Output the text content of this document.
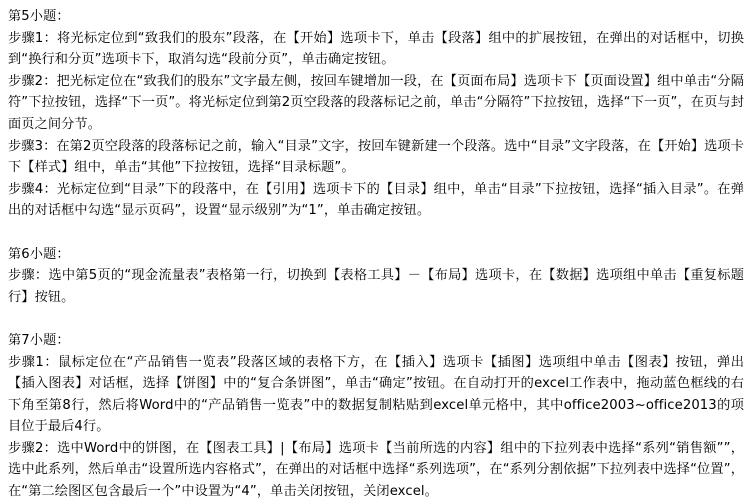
第5小题：

步骤1：将光标定位到“致我们的股东”段落，在【开始】选项卡下，单击【段落】组中的扩展按钮，在弹出的对话框中，切换到“换行和分页”选项卡下，取消勾选“段前分页”，单击确定按钮。

步骤2：把光标定位在“致我们的股东”文字最左侧，按回车键增加一段，在【页面布局】选项卡下【页面设置】组中单击“分隔符”下拉按钮，选择“下一页”。将光标定位到第2页空段落的段落标记之前，单击“分隔符”下拉按钮，选择“下一页”，在页与封面页之间分节。

步骤3：在第2页空段落的段落标记之前，输入“目录”文字，按回车键新建一个段落。选中“目录”文字段落，在【开始】选项卡下【样式】组中，单击“其他”下拉按钮，选择“目录标题”。

步骤4：光标定位到“目录”下的段落中，在【引用】选项卡下的【目录】组中，单击“目录”下拉按钮，选择“插入目录”。在弹出的对话框中勾选“显示页码”，设置“显示级别”为“1”，单击确定按钮。

第6小题：

步骤：选中第5页的“现金流量表”表格第一行，切换到【表格工具】－【布局】选项卡，在【数据】选项组中单击【重复标题行】按钮。

第7小题：

步骤1：鼠标定位在“产品销售一览表”段落区域的表格下方，在【插入】选项卡【插图】选项组中单击【图表】按钮，弹出【插入图表】对话框，选择【饼图】中的“复合条饼图”，单击“确定”按钮。在自动打开的excel工作表中，拖动蓝色框线的右下角至第8行，然后将Word中的“产品销售一览表”中的数据复制粘贴到excel单元格中，其中office2003~office2013的项目位于最后4行。

步骤2：选中Word中的饼图，在【图表工具】|【布局】选项卡【当前所选的内容】组中的下拉列表中选择“系列“销售额””，选中此系列，然后单击“设置所选内容格式”，在弹出的对话框中选择“系列选项”，在“系列分割依据”下拉列表中选择“位置”，在“第二绘图区包含最后一个”中设置为“4”，单击关闭按钮，关闭excel。
